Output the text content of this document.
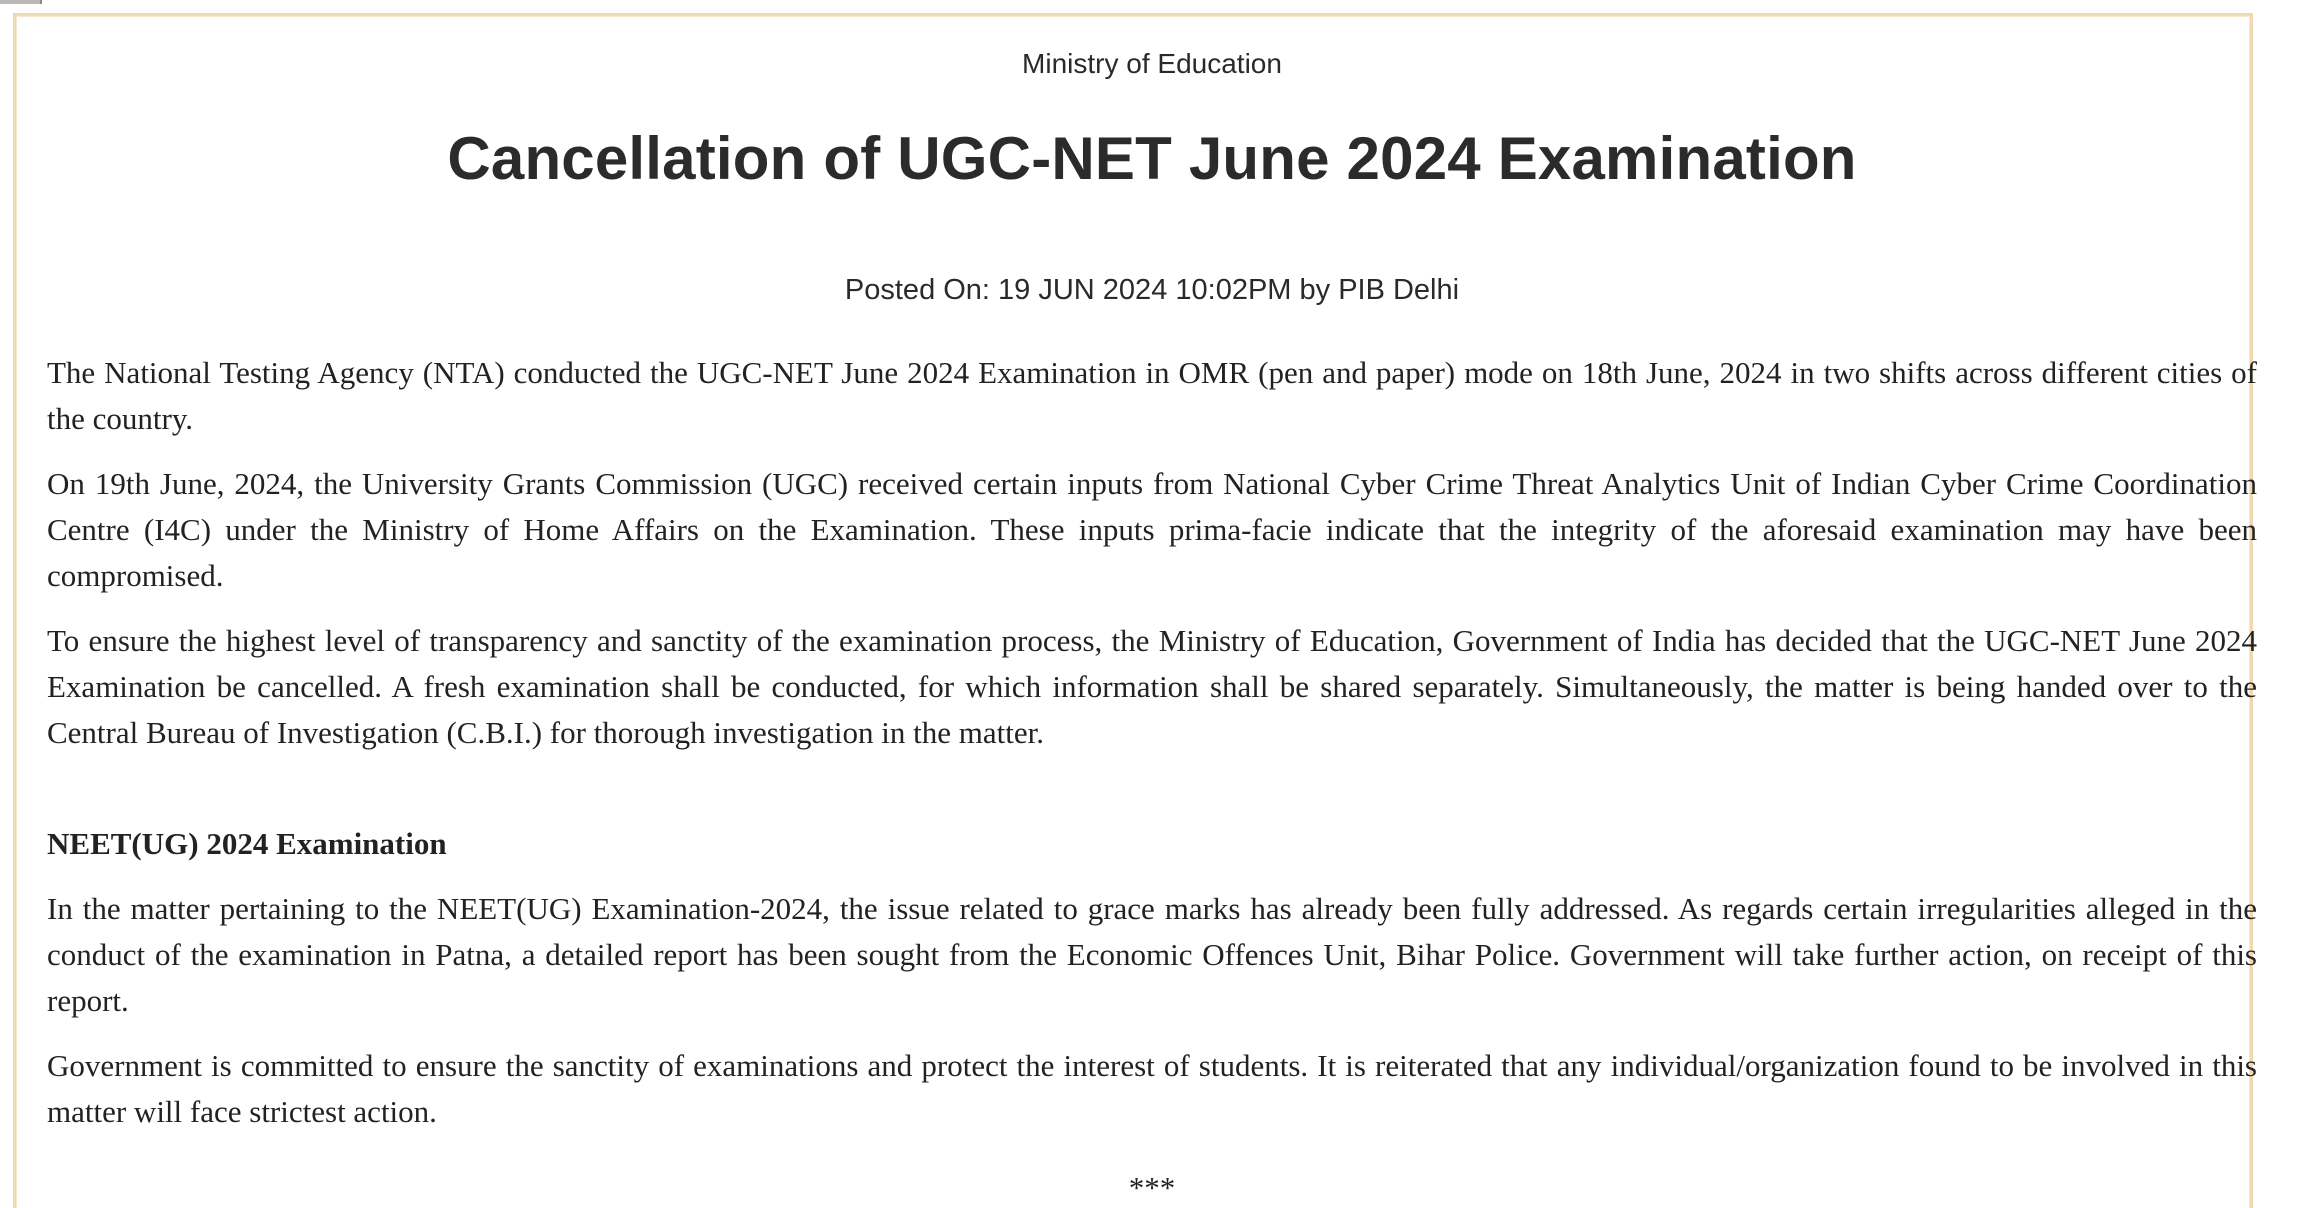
Ministry of Education
Cancellation of UGC-NET June 2024 Examination
Posted On: 19 JUN 2024 10:02PM by PIB Delhi

The National Testing Agency (NTA) conducted the UGC-NET June 2024 Examination in OMR (pen and paper) mode on 18th June, 2024 in two shifts across different cities of the country.

On 19th June, 2024, the University Grants Commission (UGC) received certain inputs from National Cyber Crime Threat Analytics Unit of Indian Cyber Crime Coordination Centre (I4C) under the Ministry of Home Affairs on the Examination. These inputs prima-facie indicate that the integrity of the aforesaid examination may have been compromised.

To ensure the highest level of transparency and sanctity of the examination process, the Ministry of Education, Government of India has decided that the UGC-NET June 2024 Examination be cancelled. A fresh examination shall be conducted, for which information shall be shared separately. Simultaneously, the matter is being handed over to the Central Bureau of Investigation (C.B.I.) for thorough investigation in the matter.

NEET(UG) 2024 Examination

In the matter pertaining to the NEET(UG) Examination-2024, the issue related to grace marks has already been fully addressed. As regards certain irregularities alleged in the conduct of the examination in Patna, a detailed report has been sought from the Economic Offences Unit, Bihar Police. Government will take further action, on receipt of this report.

Government is committed to ensure the sanctity of examinations and protect the interest of students. It is reiterated that any individual/organization found to be involved in this matter will face strictest action.

***
